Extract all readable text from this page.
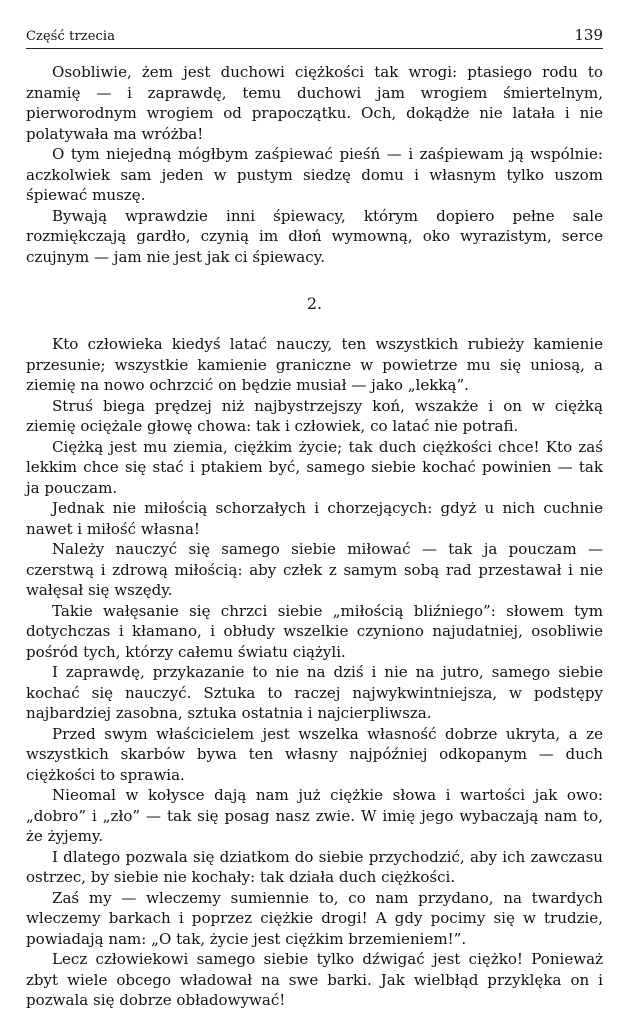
Część trzecia	139

Osobliwie, żem jest duchowi ciężkości tak wrogi: ptasiego rodu to znamię — i zaprawdę, temu duchowi jam wrogiem śmiertelnym, pierworodnym wrogiem od prapoczątku. Och, dokądże nie latała i nie polatywała ma wróżba!

O tym niejedną mógłbym zaśpiewać pieśń — i zaśpiewam ją wspólnie: aczkolwiek sam jeden w pustym siedzę domu i własnym tylko uszom śpiewać muszę.

Bywają wprawdzie inni śpiewacy, którym dopiero pełne sale rozmiękczają gardło, czynią im dłoń wymowną, oko wyrazistym, serce czujnym — jam nie jest jak ci śpiewacy.

2.

Kto człowieka kiedyś latać nauczy, ten wszystkich rubieży kamienie przesunie; wszystkie kamienie graniczne w powietrze mu się uniosą, a ziemię na nowo ochrzcić on będzie musiał — jako „lekką”.

Struś biega prędzej niż najbystrzejszy koń, wszakże i on w ciężką ziemię ociężale głowę chowa: tak i człowiek, co latać nie potrafi.

Ciężką jest mu ziemia, ciężkim życie; tak duch ciężkości chce! Kto zaś lekkim chce się stać i ptakiem być, samego siebie kochać powinien — tak ja pouczam.

Jednak nie miłością schorzałych i chorzejących: gdyż u nich cuchnie nawet i miłość własna!

Należy nauczyć się samego siebie miłować — tak ja pouczam — czerstwą i zdrową miłością: aby człek z samym sobą rad przestawał i nie wałęsał się wszędy.

Takie wałęsanie się chrzci siebie „miłością bliźniego”: słowem tym dotychczas i kłamano, i obłudy wszelkie czyniono najudatniej, osobliwie pośród tych, którzy całemu światu ciążyli.

I zaprawdę, przykazanie to nie na dziś i nie na jutro, samego siebie kochać się nauczyć. Sztuka to raczej najwykwintniejsza, w podstępy najbardziej zasobna, sztuka ostatnia i najcierpliwsza.

Przed swym właścicielem jest wszelka własność dobrze ukryta, a ze wszystkich skarbów bywa ten własny najpóźniej odkopanym — duch ciężkości to sprawia.

Nieomal w kołysce dają nam już ciężkie słowa i wartości jak owo: „dobro” i „zło” — tak się posag nasz zwie. W imię jego wybaczają nam to, że żyjemy.

I dlatego pozwala się dziatkom do siebie przychodzić, aby ich zawczasu ostrzec, by siebie nie kochały: tak działa duch ciężkości.

Zaś my — wleczemy sumiennie to, co nam przydano, na twardych wleczemy barkach i poprzez ciężkie drogi! A gdy pocimy się w trudzie, powiadają nam: „O tak, życie jest ciężkim brzemieniem!”.

Lecz człowiekowi samego siebie tylko dźwigać jest ciężko! Ponieważ zbyt wiele obcego władował na swe barki. Jak wielbłąd przyklęka on i pozwala się dobrze obładowywać!
